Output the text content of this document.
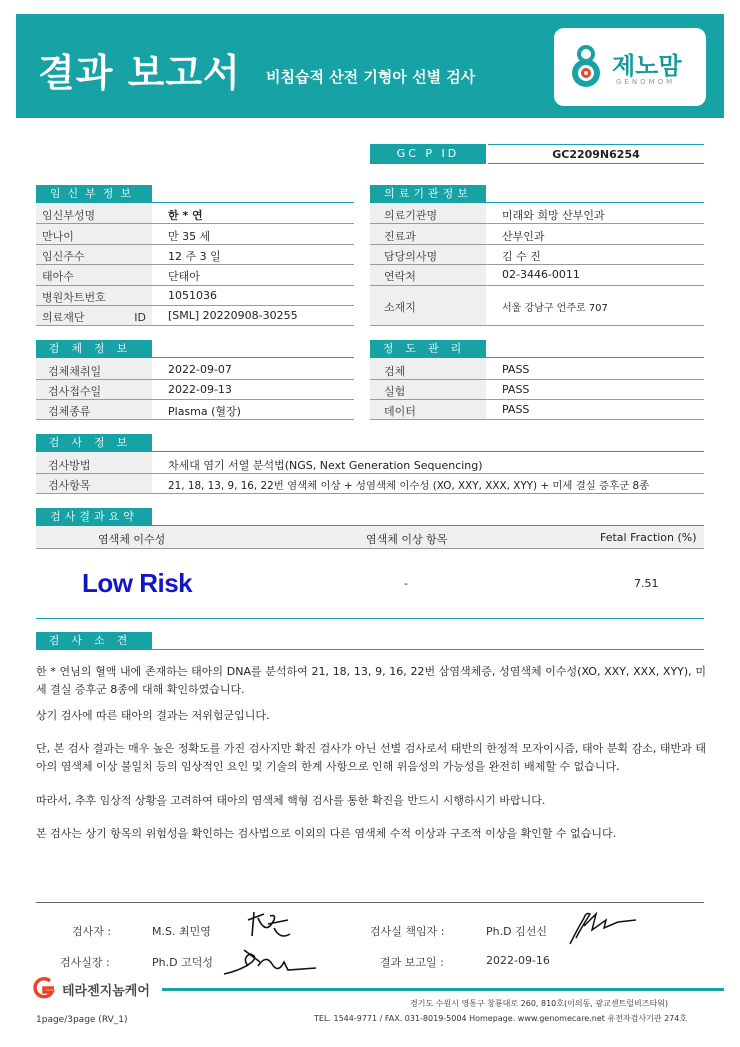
결과 보고서 비침습적 산전 기형아 선별 검사	제노맘
GENOMOM
GC P ID	GC2209N6254
임신부정보	의료기관정보
임신부성명	한 * 연
만나이	만 35 세
임신주수	12 주 3 일
태아수	단태아
병원차트번호	1051036
의료재단 ID [SML] 20220908-30255
의료기관명	미래와 희망 산부인과
진료과	산부인과
담당의사명	김 수 진
연락처	02-3446-0011
소재지	서울 강남구 언주로 707
검체정보	정도관리
검체채취일	2022-09-07
검사접수일	2022-09-13
검체종류	Plasma (혈장)
검체	PASS
실험	PASS
데이터	PASS
검사정보
검사방법	차세대 염기 서열 분석법(NGS, Next Generation Sequencing)
검사항목	21, 18, 13, 9, 16, 22번 염색체 이상 + 성염색체 이수성 (XO, XXY, XXX, XYY) + 미세 결실 증후군 8종
검사결과요약
염색체 이수성	염색체 이상 항목	Fetal Fraction (%)
Low Risk	-	7.51
검사소견
한 * 연님의 혈액 내에 존재하는 태아의 DNA를 분석하여 21, 18, 13, 9, 16, 22번 삼염색체증, 성염색체 이수성(XO, XXY, XXX, XYY), 미세 결실 증후군 8종에 대해 확인하였습니다.
상기 검사에 따른 태아의 결과는 저위험군입니다.
단, 본 검사 결과는 매우 높은 정확도를 가진 검사지만 확진 검사가 아닌 선별 검사로서 태반의 한정적 모자이시즘, 태아 분획 감소, 태반과 태아의 염색체 이상 불일치 등의 임상적인 요인 및 기술의 한계 사항으로 인해 위음성의 가능성을 완전히 배제할 수 없습니다.
따라서, 추후 임상적 상황을 고려하여 태아의 염색체 핵형 검사를 통한 확진을 반드시 시행하시기 바랍니다.
본 검사는 상기 항목의 위험성을 확인하는 검사법으로 이외의 다른 염색체 수적 이상과 구조적 이상을 확인할 수 없습니다.
검사자 :	M.S. 최민영	검사실 책임자 :	Ph.D 김선신
검사실장 :	Ph.D 고덕성	결과 보고일 :	2022-09-16
테라젠지놈케어
경기도 수원시 영통구 창룡대로 260, 810호(이의동, 광교센트럴비즈타워)
TEL. 1544-9771 / FAX. 031-8019-5004 Homepage. www.genomecare.net 유전자검사기관 274호
1page/3page (RV_1)
